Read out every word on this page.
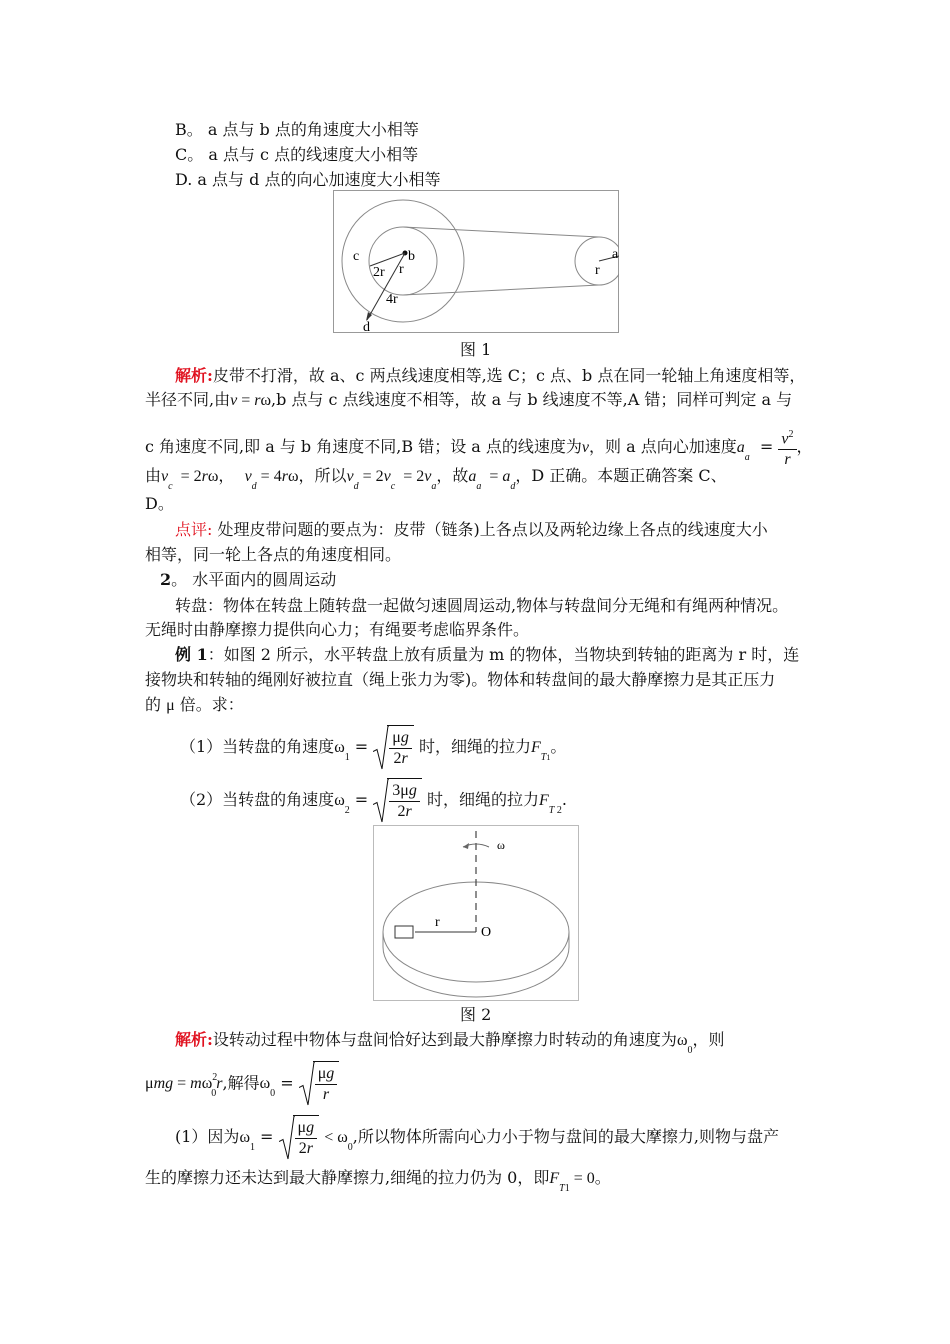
B。 a 点与 b 点的角速度大小相等
C。 a 点与 c 点的线速度大小相等
D. a 点与 d 点的向心加速度大小相等
c	b
2r r
4r
d
a
r
图 1
解析:皮带不打滑，故 a、c 两点线速度相等,选 C；c 点、b 点在同一轮轴上角速度相等，
半径不同,由v = rω,b 点与 c 点线速度不相等，故 a 与 b 线速度不等,A 错；同样可判定 a 与
c 角速度不同,即 a 与 b 角速度不同,B 错；设 a 点的线速度为v，则 a 点向心加速度$a_a = \frac{v^2}{r}$ ，
由$v_c = 2r\omega$，  $v_d = 4r\omega$，所以$v_d = 2v_c = 2v_a$，故$a_a = a_d$，D 正确。本题正确答案 C、
D。
点评: 处理皮带问题的要点为：皮带（链条)上各点以及两轮边缘上各点的线速度大小
相等，同一轮上各点的角速度相同。
2。 水平面内的圆周运动
转盘：物体在转盘上随转盘一起做匀速圆周运动,物体与转盘间分无绳和有绳两种情况。
无绳时由静摩擦力提供向心力；有绳要考虑临界条件。
例 1：如图 2 所示，水平转盘上放有质量为 m 的物体，当物块到转轴的距离为 r 时，连
接物块和转轴的绳刚好被拉直（绳上张力为零)。物体和转盘间的最大静摩擦力是其正压力
的 μ 倍。求：
（1）当转盘的角速度$\omega_1 = \frac{\mu g}{2r}$ 时，细绳的拉力$F_{T1}$。
（2）当转盘的角速度$\omega_2 = \frac{3\mu g}{2r}$ 时，细绳的拉力$F_{T 2}$.
ω
r
O
图 2
解析:设转动过程中物体与盘间恰好达到最大静摩擦力时转动的角速度为$\omega_0$，则
$\mu mg = m\omega^2_0r$,解得$\omega_0 = \frac{\mu g}{r}$
(1）因为$\omega_1 = \frac{\mu g}{2r} < \omega_0$,所以物体所需向心力小于物与盘间的最大摩擦力,则物与盘产
生的摩擦力还未达到最大静摩擦力,细绳的拉力仍为 0，即$F_{T1} = 0$。
